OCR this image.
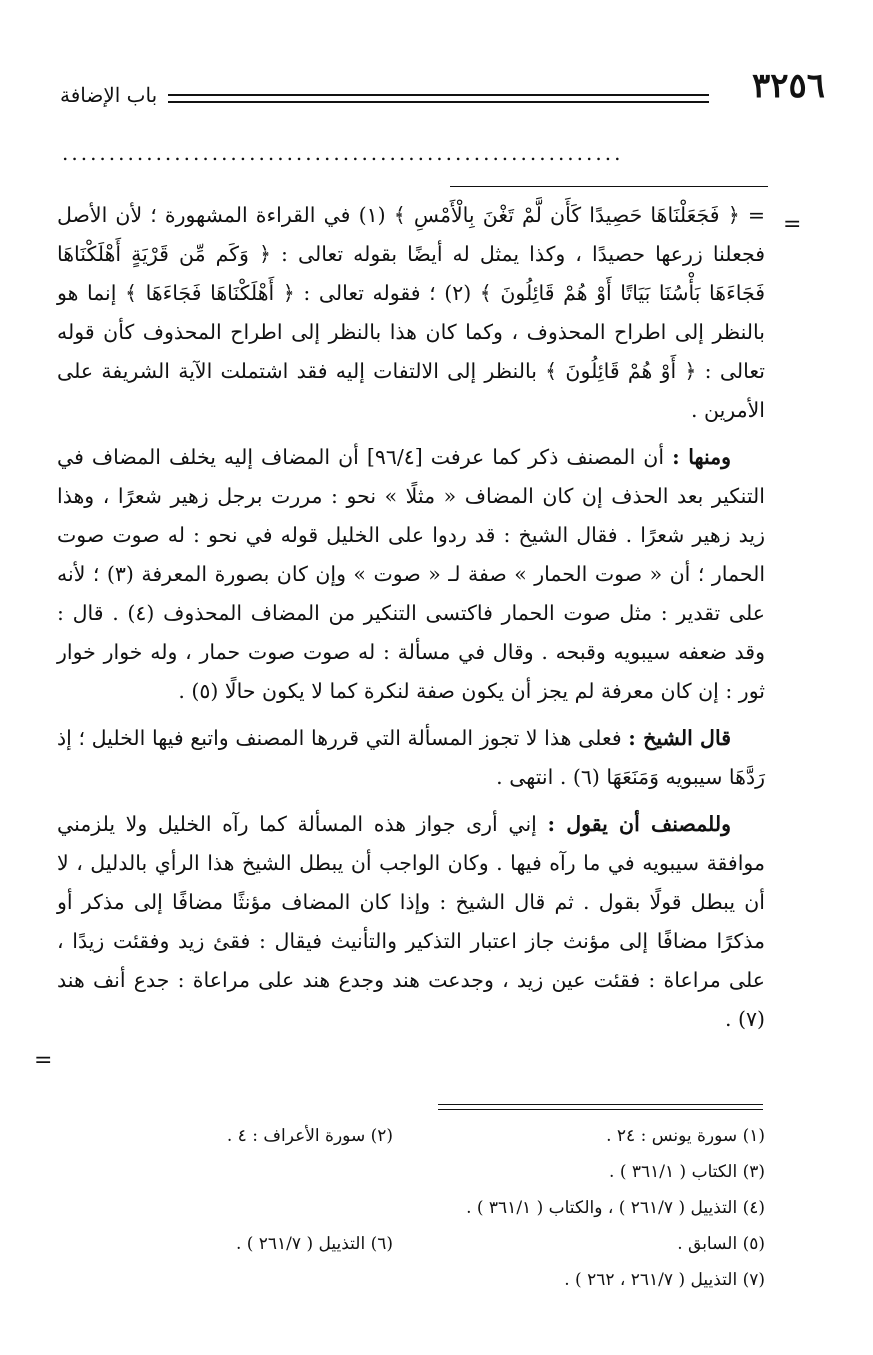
٣٢٥٦
باب الإضافة
............................................................
=
=

= ﴿ فَجَعَلْنَاهَا حَصِيدًا كَأَن لَّمْ تَغْنَ بِالْأَمْسِ ﴾ (١) في القراءة المشهورة ؛ لأن الأصل فجعلنا زرعها حصيدًا ، وكذا يمثل له أيضًا بقوله تعالى : ﴿ وَكَم مِّن قَرْيَةٍ أَهْلَكْنَاهَا فَجَاءَهَا بَأْسُنَا بَيَاتًا أَوْ هُمْ قَائِلُونَ ﴾ (٢) ؛ فقوله تعالى : ﴿ أَهْلَكْنَاهَا فَجَاءَهَا ﴾ إنما هو بالنظر إلى اطراح المحذوف ، وكما كان هذا بالنظر إلى اطراح المحذوف كأن قوله تعالى : ﴿ أَوْ هُمْ قَائِلُونَ ﴾ بالنظر إلى الالتفات إليه فقد اشتملت الآية الشريفة على الأمرين .

ومنها : أن المصنف ذكر كما عرفت [٩٦/٤] أن المضاف إليه يخلف المضاف في التنكير بعد الحذف إن كان المضاف « مثلًا » نحو : مررت برجل زهير شعرًا ، وهذا زيد زهير شعرًا . فقال الشيخ : قد ردوا على الخليل قوله في نحو : له صوت صوت الحمار ؛ أن « صوت الحمار » صفة لـ « صوت » وإن كان بصورة المعرفة (٣) ؛ لأنه على تقدير : مثل صوت الحمار فاكتسى التنكير من المضاف المحذوف (٤) . قال : وقد ضعفه سيبويه وقبحه . وقال في مسألة : له صوت صوت حمار ، وله خوار خوار ثور : إن كان معرفة لم يجز أن يكون صفة لنكرة كما لا يكون حالًا (٥) .

قال الشيخ : فعلى هذا لا تجوز المسألة التي قررها المصنف واتبع فيها الخليل ؛ إذ رَدَّهَا سيبويه وَمَنَعَهَا (٦) . انتهى .

وللمصنف أن يقول : إني أرى جواز هذه المسألة كما رآه الخليل ولا يلزمني موافقة سيبويه في ما رآه فيها . وكان الواجب أن يبطل الشيخ هذا الرأي بالدليل ، لا أن يبطل قولًا بقول . ثم قال الشيخ : وإذا كان المضاف مؤنثًا مضافًا إلى مذكر أو مذكرًا مضافًا إلى مؤنث جاز اعتبار التذكير والتأنيث فيقال : فقئ زيد وفقئت زيدًا ، على مراعاة : فقئت عين زيد ، وجدعت هند وجدع هند على مراعاة : جدع أنف هند (٧) .

(١) سورة يونس : ٢٤ .
(٢) سورة الأعراف : ٤ .
(٣) الكتاب ( ٣٦١/١ ) .
(٤) التذييل ( ٢٦١/٧ ) ، والكتاب ( ٣٦١/١ ) .
(٥) السابق .
(٦) التذييل ( ٢٦١/٧ ) .
(٧) التذييل ( ٢٦١/٧ ، ٢٦٢ ) .
